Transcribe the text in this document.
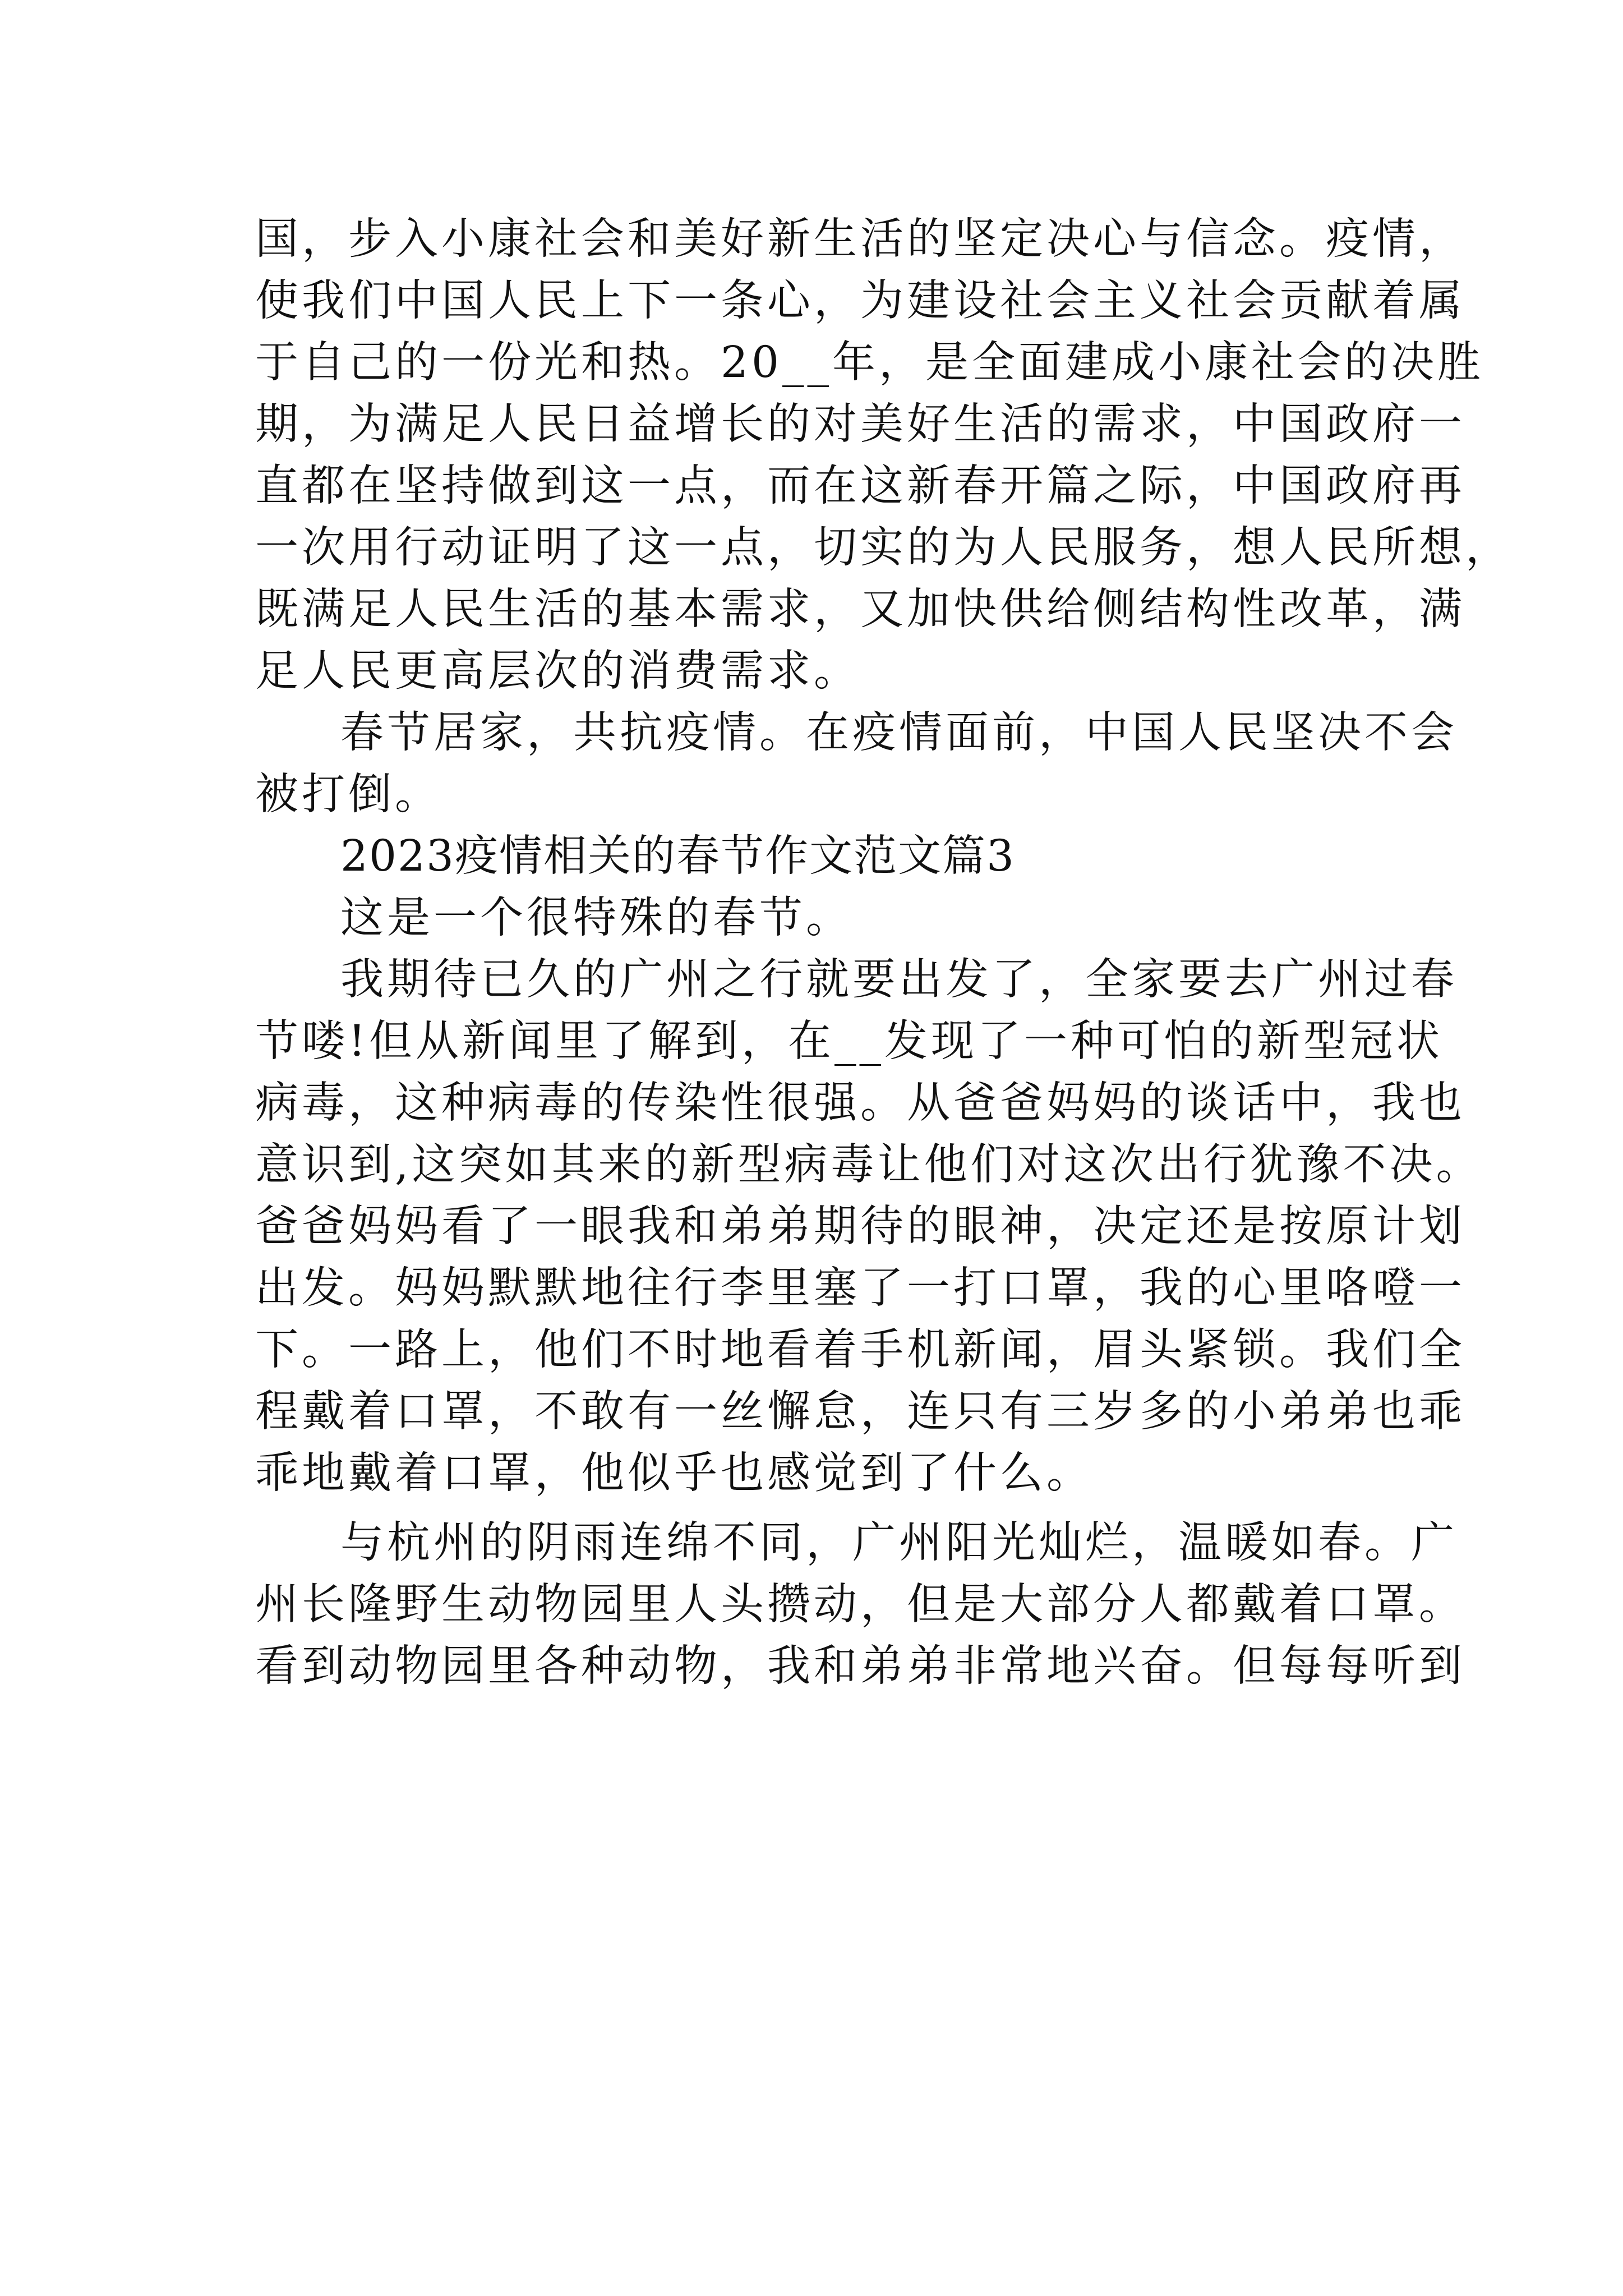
国，步入小康社会和美好新生活的坚定决心与信念。疫情，
使我们中国人民上下一条心，为建设社会主义社会贡献着属
于自己的一份光和热。20__年，是全面建成小康社会的决胜
期，为满足人民日益增长的对美好生活的需求，中国政府一
直都在坚持做到这一点，而在这新春开篇之际，中国政府再
一次用行动证明了这一点，切实的为人民服务，想人民所想，
既满足人民生活的基本需求，又加快供给侧结构性改革，满
足人民更高层次的消费需求。
春节居家，共抗疫情。在疫情面前，中国人民坚决不会
被打倒。
2023疫情相关的春节作文范文篇3
这是一个很特殊的春节。
我期待已久的广州之行就要出发了，全家要去广州过春
节喽!但从新闻里了解到，在__发现了一种可怕的新型冠状
病毒，这种病毒的传染性很强。从爸爸妈妈的谈话中，我也
意识到,这突如其来的新型病毒让他们对这次出行犹豫不决。
爸爸妈妈看了一眼我和弟弟期待的眼神，决定还是按原计划
出发。妈妈默默地往行李里塞了一打口罩，我的心里咯噔一
下。一路上，他们不时地看着手机新闻，眉头紧锁。我们全
程戴着口罩，不敢有一丝懈怠，连只有三岁多的小弟弟也乖
乖地戴着口罩，他似乎也感觉到了什么。
与杭州的阴雨连绵不同，广州阳光灿烂，温暖如春。广
州长隆野生动物园里人头攒动，但是大部分人都戴着口罩。
看到动物园里各种动物，我和弟弟非常地兴奋。但每每听到
